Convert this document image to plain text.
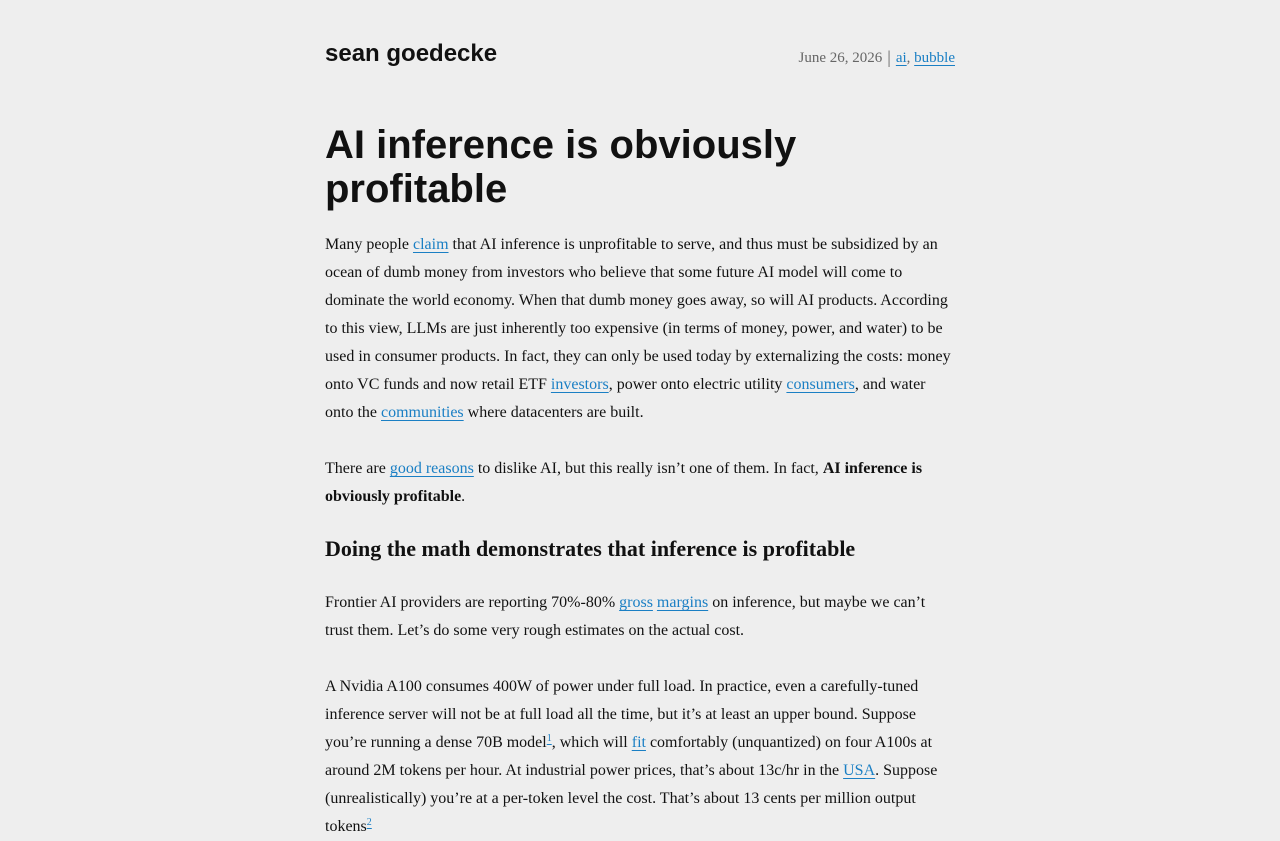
sean goedecke	June 26, 2026 | ai, bubble
AI inference is obviously profitable

Many people claim that AI inference is unprofitable to serve, and thus must be subsidized by an ocean of dumb money from investors who believe that some future AI model will come to dominate the world economy. When that dumb money goes away, so will AI products. According to this view, LLMs are just inherently too expensive (in terms of money, power, and water) to be used in consumer products. In fact, they can only be used today by externalizing the costs: money onto VC funds and now retail ETF investors, power onto electric utility consumers, and water onto the communities where datacenters are built.

There are good reasons to dislike AI, but this really isn’t one of them. In fact, AI inference is obviously profitable.

Doing the math demonstrates that inference is profitable

Frontier AI providers are reporting 70%-80% gross margins on inference, but maybe we can’t trust them. Let’s do some very rough estimates on the actual cost.

A Nvidia A100 consumes 400W of power under full load. In practice, even a carefully-tuned inference server will not be at full load all the time, but it’s at least an upper bound. Suppose you’re running a dense 70B model$^1$, which will fit comfortably (unquantized) on four A100s at around 2M tokens per hour. At industrial power prices, that’s about 13c/hr in the USA. Suppose (unrealistically) you’re at a per-token level the cost. That’s about 13 cents per million output tokens$^2$
